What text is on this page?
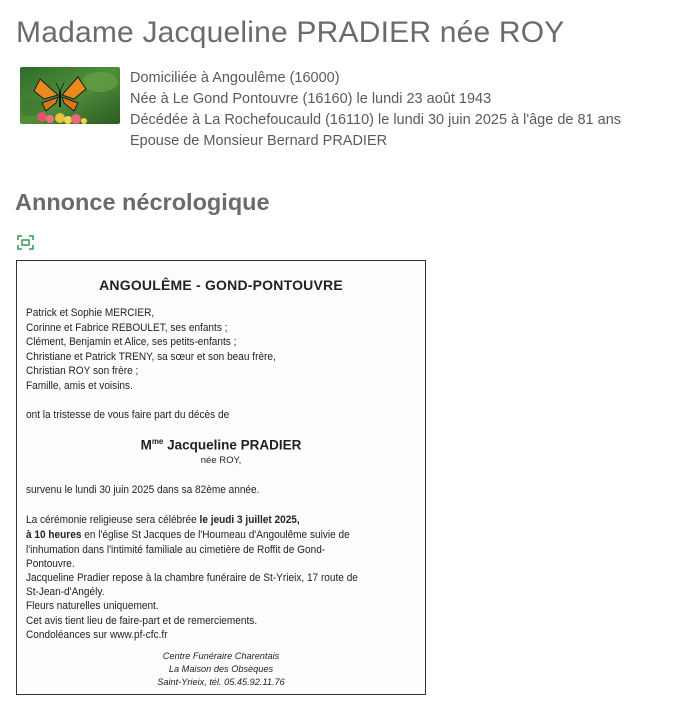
Madame Jacqueline PRADIER née ROY
Domiciliée à Angoulême (16000)
Née à Le Gond Pontouvre (16160) le lundi 23 août 1943
Décédée à La Rochefoucauld (16110) le lundi 30 juin 2025 à l'âge de 81 ans
Epouse de Monsieur Bernard PRADIER
Annonce nécrologique
ANGOULÊME - GOND-PONTOUVRE
Patrick et Sophie MERCIER,
Corinne et Fabrice REBOULET, ses enfants ;
Clément, Benjamin et Alice, ses petits-enfants ;
Christiane et Patrick TRENY, sa sœur et son beau frère,
Christian ROY son frère ;
Famille, amis et voisins.
ont la tristesse de vous faire part du décès de
$M^{me}$ Jacqueline PRADIER
née ROY,
survenu le lundi 30 juin 2025 dans sa 82ème année.
La cérémonie religieuse sera célébrée le jeudi 3 juillet 2025,
à 10 heures en l'église St Jacques de l'Houmeau d'Angoulême suivie de
l'inhumation dans l'intimité familiale au cimetière de Roffit de Gond-
Pontouvre.
Jacqueline Pradier repose à la chambre funéraire de St-Yrieix, 17 route de
St-Jean-d'Angély.
Fleurs naturelles uniquement.
Cet avis tient lieu de faire-part et de remerciements.
Condoléances sur www.pf-cfc.fr
Centre Funéraire Charentais
La Maison des Obsèques
Saint-Yrieix, tél. 05.45.92.11.76
